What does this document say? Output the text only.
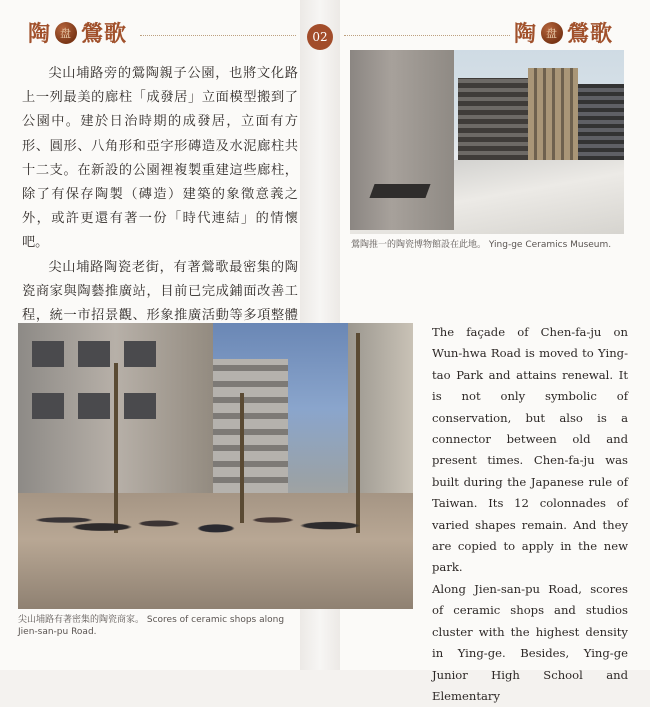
陶 盘 鶯歌	02	陶 盘 鶯歌

尖山埔路旁的鶯陶親子公園，也將文化路上一列最美的廊柱「成發居」立面模型搬到了公園中。建於日治時期的成發居，立面有方形、圓形、八角形和亞字形磚造及水泥廊柱共十二支。在新設的公園裡複製重建這些廊柱，除了有保存陶製（磚造）建築的象徵意義之外，或許更還有著一份「時代連結」的情懷吧。

尖山埔路陶瓷老街，有著鶯歌最密集的陶瓷商家與陶藝推廣站，目前已完成鋪面改善工程，統一市招景觀、形象推廣活動等多項整體

鶯陶推一的陶瓷博物館設在此地。 Ying-ge Ceramics Museum.
尖山埔路有著密集的陶瓷商家。 Scores of ceramic shops along Jien-san-pu Road.

The façade of Chen-fa-ju on Wun-hwa Road is moved to Ying-tao Park and attains renewal. It is not only symbolic of conservation, but also is a connector between old and present times. Chen-fa-ju was built during the Japanese rule of Taiwan. Its 12 colonnades of varied shapes remain. And they are copied to apply in the new park.

Along Jien-san-pu Road, scores of ceramic shops and studios cluster with the highest density in Ying-ge. Besides, Ying-ge Junior High School and Elementary
